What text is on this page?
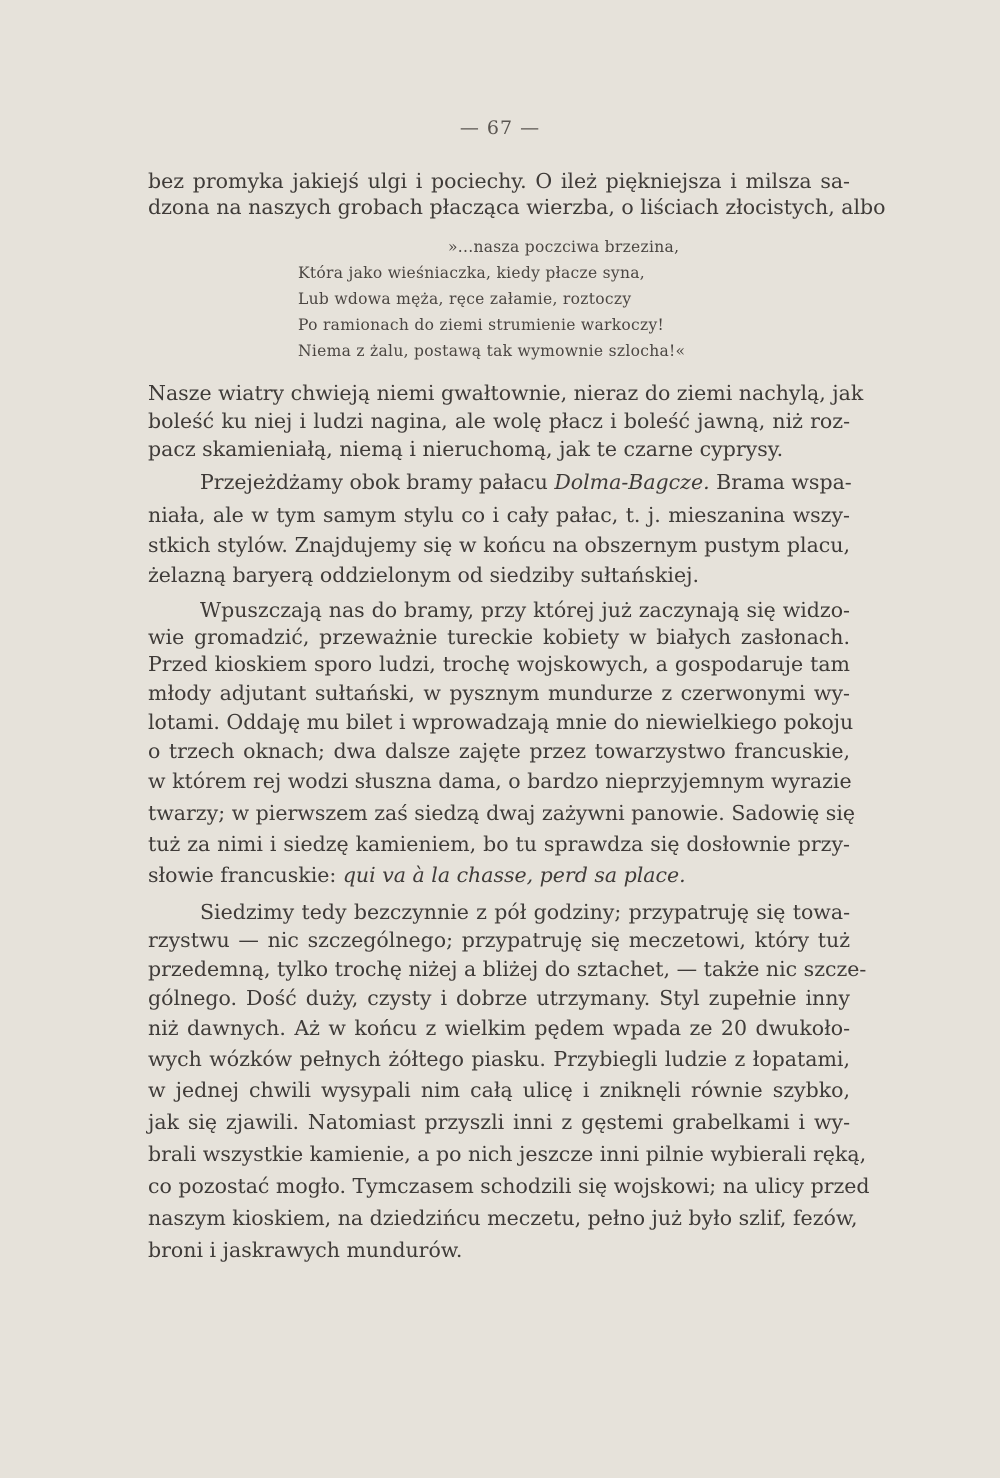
— 67 —
bez promyka jakiejś ulgi i pociechy. O ileż piękniejsza i milsza sa-
dzona na naszych grobach płacząca wierzba, o liściach złocistych, albo
»...nasza poczciwa brzezina,
Która jako wieśniaczka, kiedy płacze syna,
Lub wdowa męża, ręce załamie, roztoczy
Po ramionach do ziemi strumienie warkoczy!
Niema z żalu, postawą tak wymownie szlocha!«
Nasze wiatry chwieją niemi gwałtownie, nieraz do ziemi nachylą, jak
boleść ku niej i ludzi nagina, ale wolę płacz i boleść jawną, niż roz-
pacz skamieniałą, niemą i nieruchomą, jak te czarne cyprysy.
Przejeżdżamy obok bramy pałacu Dolma-Bagcze. Brama wspa-
niała, ale w tym samym stylu co i cały pałac, t. j. mieszanina wszy-
stkich stylów. Znajdujemy się w końcu na obszernym pustym placu,
żelazną baryerą oddzielonym od siedziby sułtańskiej.
Wpuszczają nas do bramy, przy której już zaczynają się widzo-
wie gromadzić, przeważnie tureckie kobiety w białych zasłonach.
Przed kioskiem sporo ludzi, trochę wojskowych, a gospodaruje tam
młody adjutant sułtański, w pysznym mundurze z czerwonymi wy-
lotami. Oddaję mu bilet i wprowadzają mnie do niewielkiego pokoju
o trzech oknach; dwa dalsze zajęte przez towarzystwo francuskie,
w którem rej wodzi słuszna dama, o bardzo nieprzyjemnym wyrazie
twarzy; w pierwszem zaś siedzą dwaj zażywni panowie. Sadowię się
tuż za nimi i siedzę kamieniem, bo tu sprawdza się dosłownie przy-
słowie francuskie: qui va à la chasse, perd sa place.
Siedzimy tedy bezczynnie z pół godziny; przypatruję się towa-
rzystwu — nic szczególnego; przypatruję się meczetowi, który tuż
przedemną, tylko trochę niżej a bliżej do sztachet, — także nic szcze-
gólnego. Dość duży, czysty i dobrze utrzymany. Styl zupełnie inny
niż dawnych. Aż w końcu z wielkim pędem wpada ze 20 dwukoło-
wych wózków pełnych żółtego piasku. Przybiegli ludzie z łopatami,
w jednej chwili wysypali nim całą ulicę i zniknęli równie szybko,
jak się zjawili. Natomiast przyszli inni z gęstemi grabelkami i wy-
brali wszystkie kamienie, a po nich jeszcze inni pilnie wybierali ręką,
co pozostać mogło. Tymczasem schodzili się wojskowi; na ulicy przed
naszym kioskiem, na dziedzińcu meczetu, pełno już było szlif, fezów,
broni i jaskrawych mundurów.
